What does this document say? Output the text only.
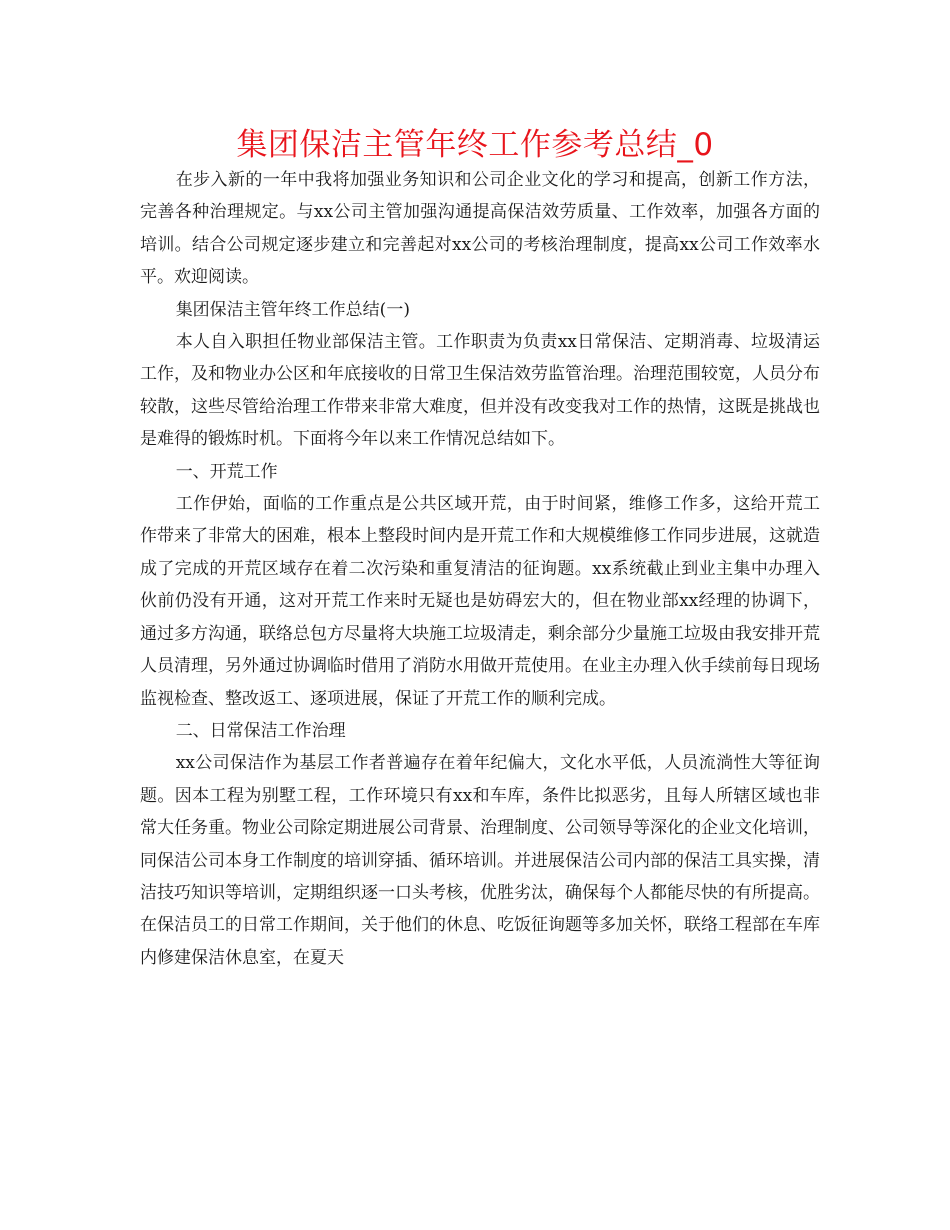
集团保洁主管年终工作参考总结_0

在步入新的一年中我将加强业务知识和公司企业文化的学习和提高，创新工作方法，完善各种治理规定。与xx公司主管加强沟通提高保洁效劳质量、工作效率，加强各方面的培训。结合公司规定逐步建立和完善起对xx公司的考核治理制度，提高xx公司工作效率水平。欢迎阅读。

集团保洁主管年终工作总结(一)

本人自入职担任物业部保洁主管。工作职责为负责xx日常保洁、定期消毒、垃圾清运工作，及和物业办公区和年底接收的日常卫生保洁效劳监管治理。治理范围较宽，人员分布较散，这些尽管给治理工作带来非常大难度，但并没有改变我对工作的热情，这既是挑战也是难得的锻炼时机。下面将今年以来工作情况总结如下。

一、开荒工作

工作伊始，面临的工作重点是公共区域开荒，由于时间紧，维修工作多，这给开荒工作带来了非常大的困难，根本上整段时间内是开荒工作和大规模维修工作同步进展，这就造成了完成的开荒区域存在着二次污染和重复清洁的征询题。xx系统截止到业主集中办理入伙前仍没有开通，这对开荒工作来时无疑也是妨碍宏大的，但在物业部xx经理的协调下，通过多方沟通，联络总包方尽量将大块施工垃圾清走，剩余部分少量施工垃圾由我安排开荒人员清理，另外通过协调临时借用了消防水用做开荒使用。在业主办理入伙手续前每日现场监视检查、整改返工、逐项进展，保证了开荒工作的顺利完成。

二、日常保洁工作治理

xx公司保洁作为基层工作者普遍存在着年纪偏大，文化水平低，人员流淌性大等征询题。因本工程为别墅工程，工作环境只有xx和车库，条件比拟恶劣，且每人所辖区域也非常大任务重。物业公司除定期进展公司背景、治理制度、公司领导等深化的企业文化培训，同保洁公司本身工作制度的培训穿插、循环培训。并进展保洁公司内部的保洁工具实操，清洁技巧知识等培训，定期组织逐一口头考核，优胜劣汰，确保每个人都能尽快的有所提高。在保洁员工的日常工作期间，关于他们的休息、吃饭征询题等多加关怀，联络工程部在车库内修建保洁休息室，在夏天
